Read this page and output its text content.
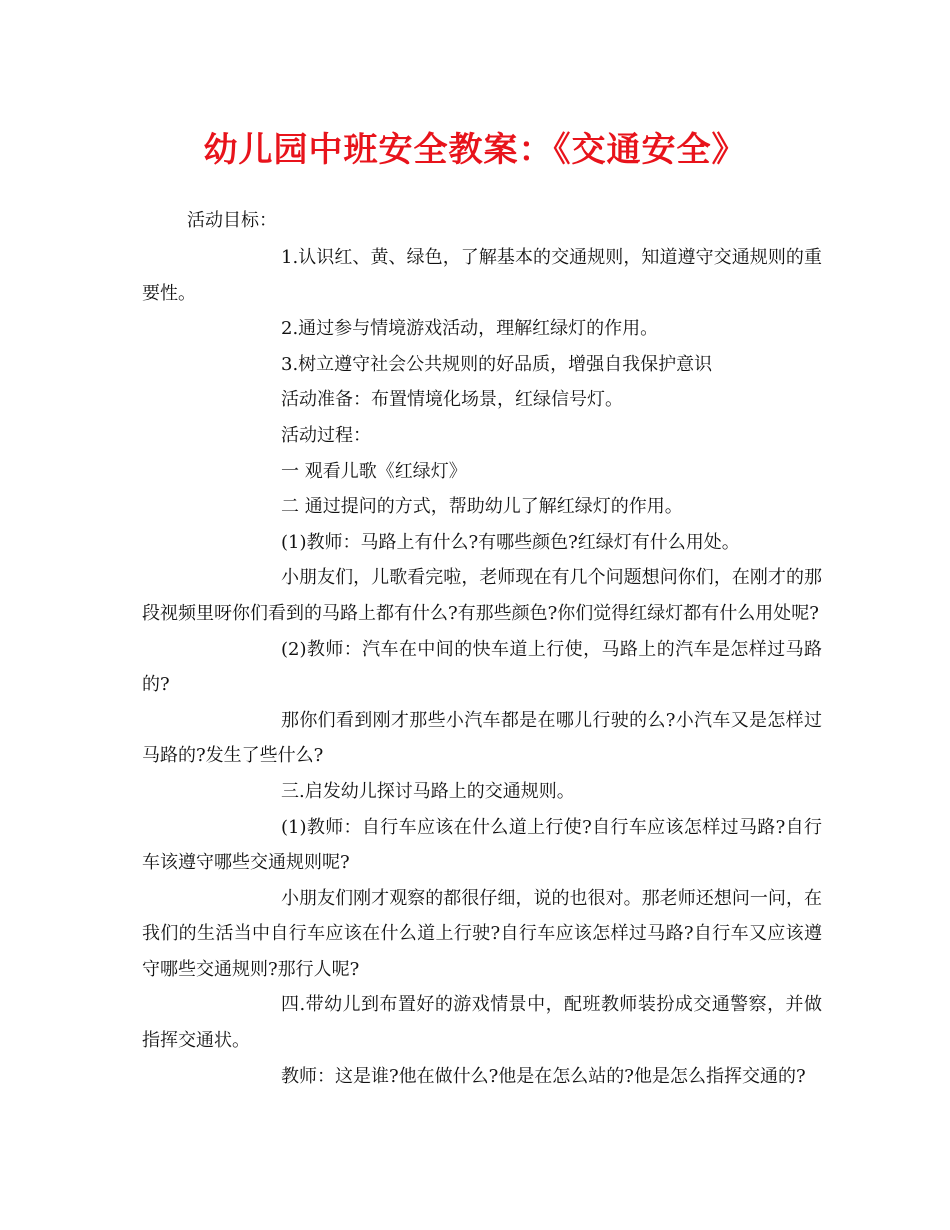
幼儿园中班安全教案：《交通安全》
活动目标：

1.认识红、黄、绿色，了解基本的交通规则，知道遵守交通规则的重要性。

2.通过参与情境游戏活动，理解红绿灯的作用。

3.树立遵守社会公共规则的好品质，增强自我保护意识

活动准备：布置情境化场景，红绿信号灯。

活动过程：

一 观看儿歌《红绿灯》

二 通过提问的方式，帮助幼儿了解红绿灯的作用。

(1)教师：马路上有什么?有哪些颜色?红绿灯有什么用处。

小朋友们，儿歌看完啦，老师现在有几个问题想问你们，在刚才的那段视频里呀你们看到的马路上都有什么?有那些颜色?你们觉得红绿灯都有什么用处呢?

(2)教师：汽车在中间的快车道上行使，马路上的汽车是怎样过马路的?

那你们看到刚才那些小汽车都是在哪儿行驶的么?小汽车又是怎样过马路的?发生了些什么?

三.启发幼儿探讨马路上的交通规则。

(1)教师：自行车应该在什么道上行使?自行车应该怎样过马路?自行车该遵守哪些交通规则呢?

小朋友们刚才观察的都很仔细，说的也很对。那老师还想问一问，在我们的生活当中自行车应该在什么道上行驶?自行车应该怎样过马路?自行车又应该遵守哪些交通规则?那行人呢?

四.带幼儿到布置好的游戏情景中，配班教师装扮成交通警察，并做指挥交通状。

教师：这是谁?他在做什么?他是在怎么站的?他是怎么指挥交通的?
